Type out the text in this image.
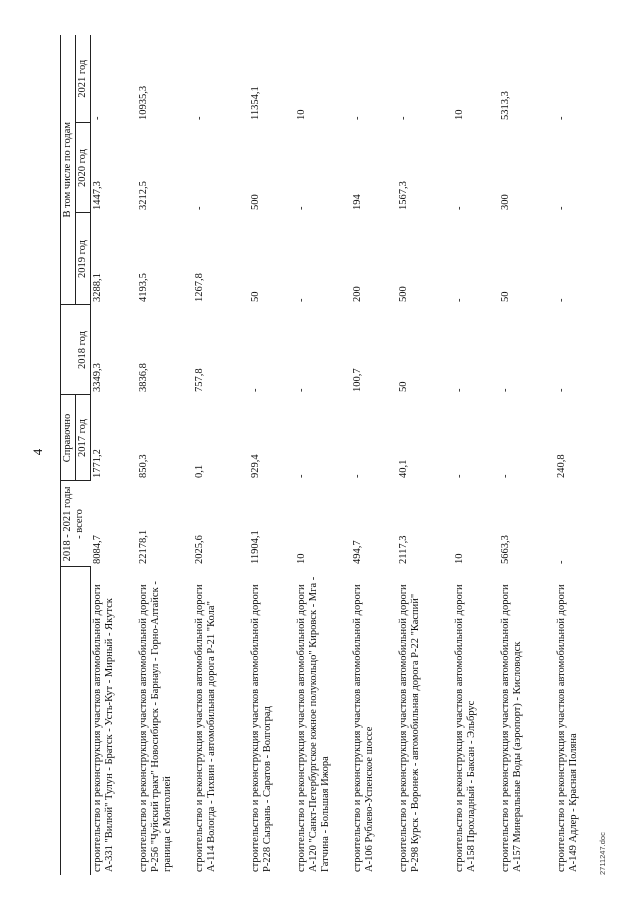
4
	2018 - 2021 годы - всего	Справочно		В том числе по годам		
		2017 год	2018 год	2019 год	2020 год	2021 год
строительство и реконструкция участков автомобильной дороги А-331 "Вилюй" Тулун - Братск - Усть-Кут - Мирный - Якутск	8084,7	1771,2	3349,3	3288,1	1447,3	-
строительство и реконструкция участков автомобильной дороги Р-256 "Чуйский тракт" Новосибирск - Барнаул - Горно-Алтайск - граница с Монголией	22178,1	850,3	3836,8	4193,5	3212,5	10935,3
строительство и реконструкция участков автомобильной дороги А-114 Вологда - Тихвин - автомобильная дорога Р-21 "Кола"	2025,6	0,1	757,8	1267,8	-	-
строительство и реконструкция участков автомобильной дороги Р-228 Сызрань - Саратов - Волгоград	11904,1	929,4	-	50	500	11354,1
строительство и реконструкция участков автомобильной дороги А-120 "Санкт-Петербургское южное полукольцо" Кировск - Мга - Гатчина - Большая Ижора	10	-	-	-	-	10
строительство и реконструкция участков автомобильной дороги А-106 Рублево-Успенское шоссе	494,7	-	100,7	200	194	-
строительство и реконструкция участков автомобильной дороги Р-298 Курск - Воронеж - автомобильная дорога Р-22 "Каспий"	2117,3	40,1	50	500	1567,3	-
строительство и реконструкция участков автомобильной дороги А-158 Прохладный - Баксан - Эльбрус	10	-	-	-	-	10
строительство и реконструкция участков автомобильной дороги А-157 Минеральные Воды (аэропорт) - Кисловодск	5663,3	-	-	50	300	5313,3
строительство и реконструкция участков автомобильной дороги А-149 Адлер - Красная Поляна	-	240,8	-	-	-	-
2711247.doc
